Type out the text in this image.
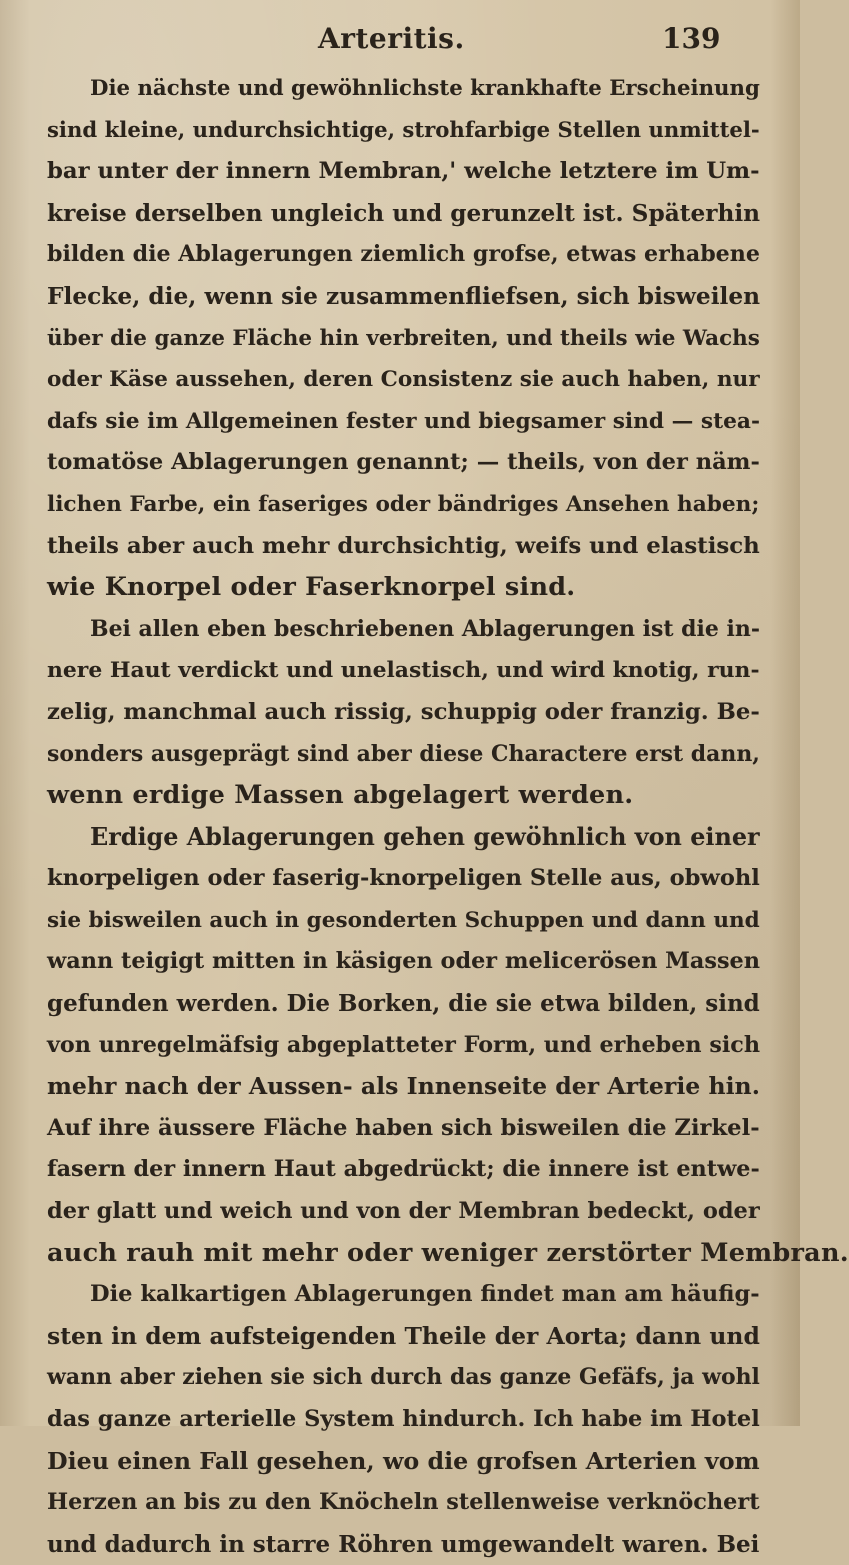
Arteritis.	139
Die nächste und gewöhnlichste krankhafte Erscheinung
sind kleine, undurchsichtige, strohfarbige Stellen unmittel-
bar unter der innern Membran,' welche letztere im Um-
kreise derselben ungleich und gerunzelt ist. Späterhin
bilden die Ablagerungen ziemlich grofse, etwas erhabene
Flecke, die, wenn sie zusammenfliefsen, sich bisweilen
über die ganze Fläche hin verbreiten, und theils wie Wachs
oder Käse aussehen, deren Consistenz sie auch haben, nur
dafs sie im Allgemeinen fester und biegsamer sind — stea-
tomatöse Ablagerungen genannt; — theils, von der näm-
lichen Farbe, ein faseriges oder bändriges Ansehen haben;
theils aber auch mehr durchsichtig, weifs und elastisch
wie Knorpel oder Faserknorpel sind.
Bei allen eben beschriebenen Ablagerungen ist die in-
nere Haut verdickt und unelastisch, und wird knotig, run-
zelig, manchmal auch rissig, schuppig oder franzig. Be-
sonders ausgeprägt sind aber diese Charactere erst dann,
wenn erdige Massen abgelagert werden.
Erdige Ablagerungen gehen gewöhnlich von einer
knorpeligen oder faserig-knorpeligen Stelle aus, obwohl
sie bisweilen auch in gesonderten Schuppen und dann und
wann teigigt mitten in käsigen oder melicerösen Massen
gefunden werden. Die Borken, die sie etwa bilden, sind
von unregelmäfsig abgeplatteter Form, und erheben sich
mehr nach der Aussen- als Innenseite der Arterie hin.
Auf ihre äussere Fläche haben sich bisweilen die Zirkel-
fasern der innern Haut abgedrückt; die innere ist entwe-
der glatt und weich und von der Membran bedeckt, oder
auch rauh mit mehr oder weniger zerstörter Membran.
Die kalkartigen Ablagerungen findet man am häufig-
sten in dem aufsteigenden Theile der Aorta; dann und
wann aber ziehen sie sich durch das ganze Gefäfs, ja wohl
das ganze arterielle System hindurch. Ich habe im Hotel
Dieu einen Fall gesehen, wo die grofsen Arterien vom
Herzen an bis zu den Knöcheln stellenweise verknöchert
und dadurch in starre Röhren umgewandelt waren. Bei
